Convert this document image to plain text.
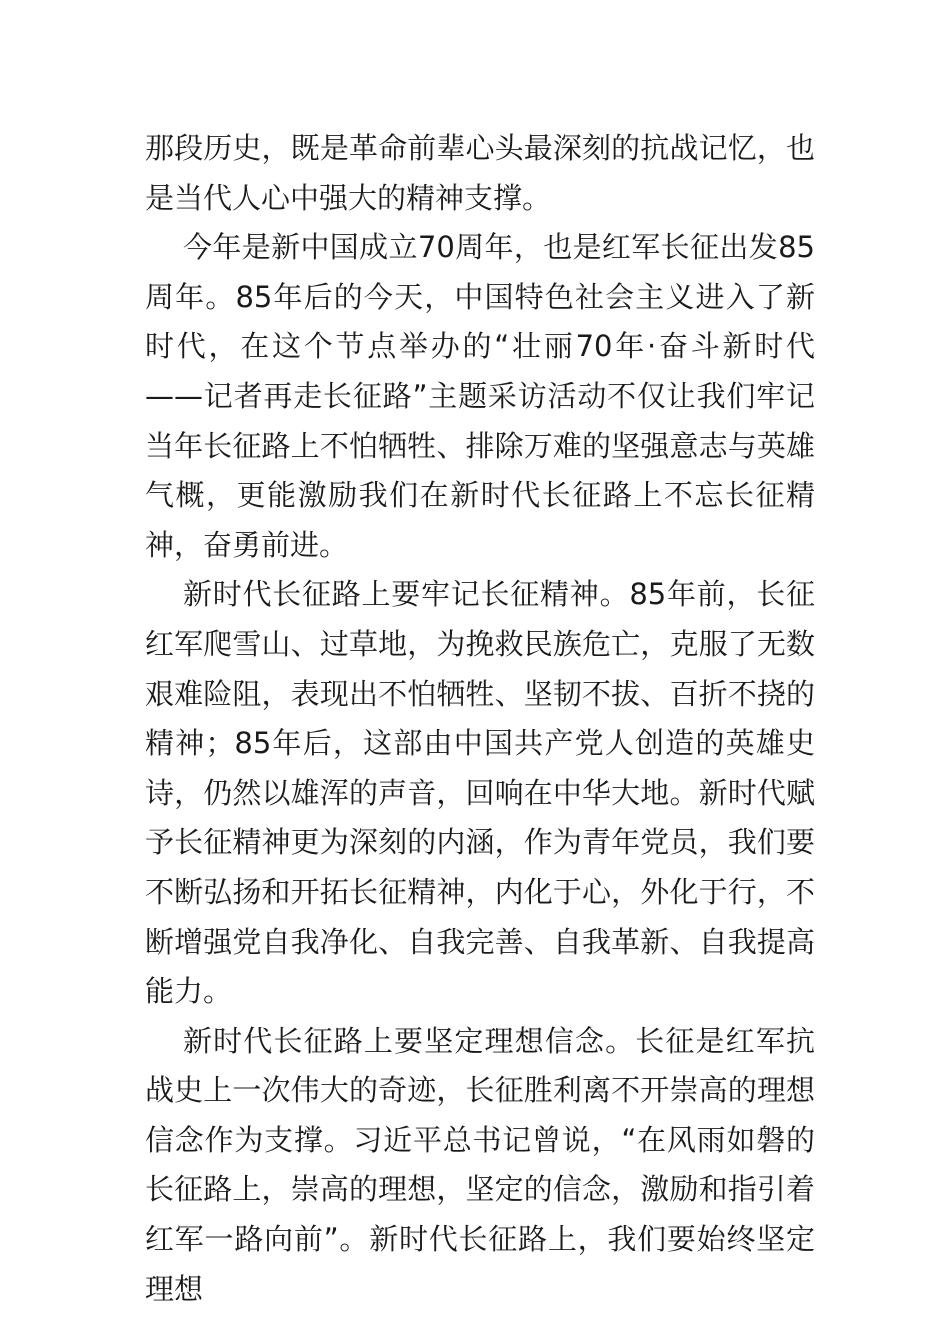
那段历史，既是革命前辈心头最深刻的抗战记忆，也是当代人心中强大的精神支撑。

今年是新中国成立70周年，也是红军长征出发85周年。85年后的今天，中国特色社会主义进入了新时代，在这个节点举办的“壮丽70年·奋斗新时代——记者再走长征路”主题采访活动不仅让我们牢记当年长征路上不怕牺牲、排除万难的坚强意志与英雄气概，更能激励我们在新时代长征路上不忘长征精神，奋勇前进。

新时代长征路上要牢记长征精神。85年前，长征红军爬雪山、过草地，为挽救民族危亡，克服了无数艰难险阻，表现出不怕牺牲、坚韧不拔、百折不挠的精神；85年后，这部由中国共产党人创造的英雄史诗，仍然以雄浑的声音，回响在中华大地。新时代赋予长征精神更为深刻的内涵，作为青年党员，我们要不断弘扬和开拓长征精神，内化于心，外化于行，不断增强党自我净化、自我完善、自我革新、自我提高能力。

新时代长征路上要坚定理想信念。长征是红军抗战史上一次伟大的奇迹，长征胜利离不开崇高的理想信念作为支撑。习近平总书记曾说，“在风雨如磐的长征路上，崇高的理想，坚定的信念，激励和指引着红军一路向前”。新时代长征路上，我们要始终坚定理想
